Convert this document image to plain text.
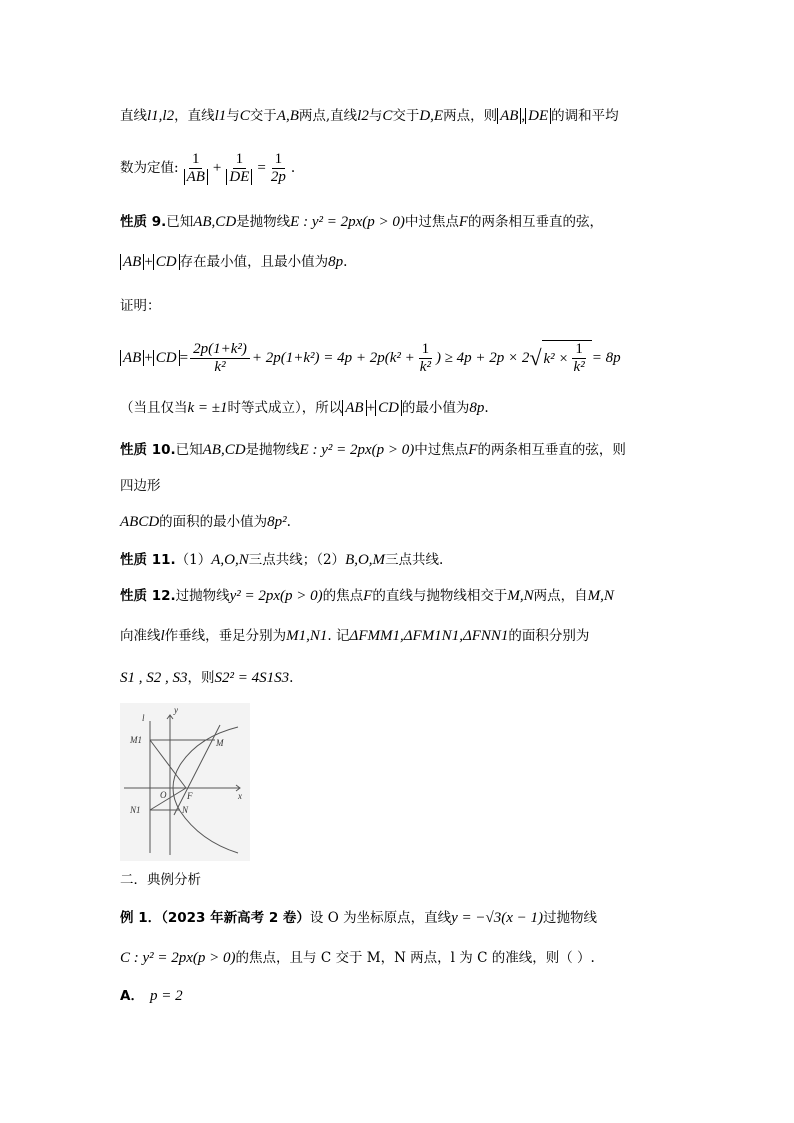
直线l1,l2，直线l1与C交于A,B两点,直线l2与C交于D,E两点，则 AB , DE 的调和平均
数为定值: $\frac{1}{AB} + \frac{1}{DE} = \frac{1}{2p}$ .
性质 9.已知AB,CD是抛物线E : y² = 2px(p > 0)中过焦点F的两条相互垂直的弦，
AB + CD 存在最小值，且最小值为8p.
证明：
AB + CD = $\frac{\text{2p(1+k²)}}{\text{k²}} + 2p(1+k^2) = 4p + 2p(k^2 + \frac{1}{\text{k²}}$ ) ≥ 4p + 2p × 2 √ $k^2 \times \frac{1}{\text{k²}} = 8p$
（当且仅当k = ±1时等式成立），所以 AB + CD 的最小值为8p.
性质 10.已知AB,CD是抛物线E : y² = 2px(p > 0)中过焦点F的两条相互垂直的弦，则
四边形
ABCD的面积的最小值为8p².
性质 11.（1）A,O,N三点共线；（2）B,O,M三点共线.
性质 12.过抛物线y² = 2px(p > 0)的焦点F的直线与抛物线相交于M,N两点，自M,N
向准线l作垂线，垂足分别为M1,N1. 记ΔFMM1,ΔFM1N1,ΔFNN1的面积分别为
S1 , S2 , S3，则S2² = 4S1S3.
l
y
x
M1	M
O F
N1	N
二．典例分析
例 1．（2023 年新高考 2 卷）设 O 为坐标原点，直线y = −√3(x − 1)过抛物线
C : y² = 2px(p > 0)的焦点，且与 C 交于 M，N 两点，l 为 C 的准线，则（ ）.
A． p = 2
